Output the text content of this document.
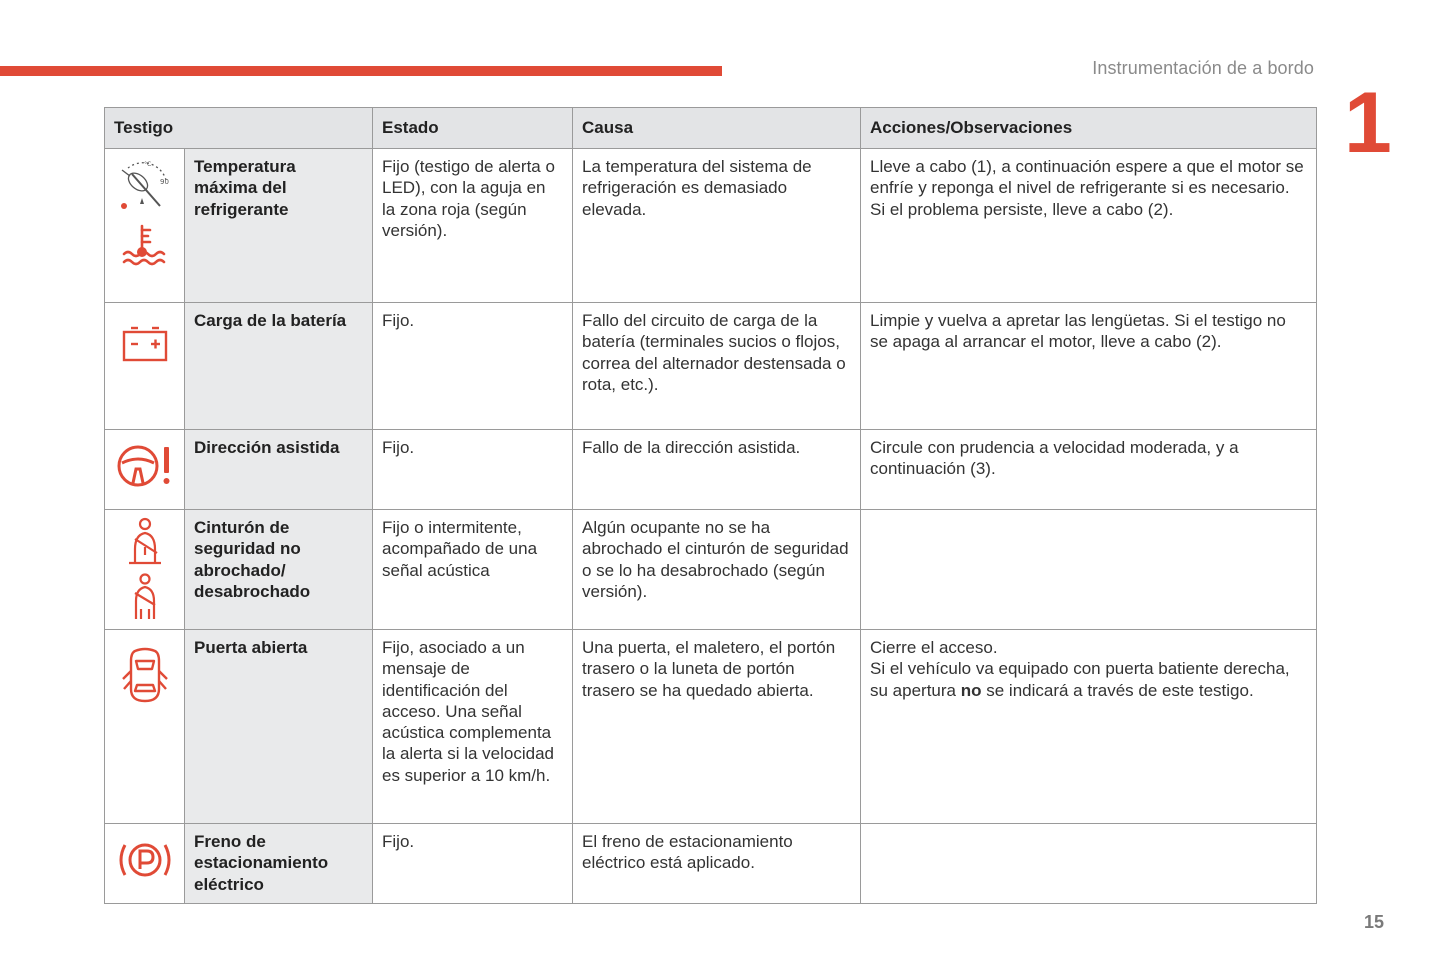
Instrumentación de a bordo
1
Testigo		Estado	Causa	Acciones/Observaciones

90
°C	Temperatura máxima del refrigerante	Fijo (testigo de alerta o LED), con la aguja en la zona roja (según versión).	La temperatura del sistema de refrigeración es demasiado elevada.	Lleve a cabo (1), a continuación espere a que el motor se enfríe y reponga el nivel de refrigerante si es necesario. Si el problema persiste, lleve a cabo (2).

	Carga de la batería	Fijo.	Fallo del circuito de carga de la batería (terminales sucios o flojos, correa del alternador destensada o rota, etc.).	Limpie y vuelva a apretar las lengüetas. Si el testigo no se apaga al arrancar el motor, lleve a cabo (2).

	Dirección asistida	Fijo.	Fallo de la dirección asistida.	Circule con prudencia a velocidad moderada, y a continuación (3).

	Cinturón de seguridad no abrochado/ desabrochado	Fijo o intermitente, acompañado de una señal acústica	Algún ocupante no se ha abrochado el cinturón de seguridad o se lo ha desabrochado (según versión).	

	Puerta abierta	Fijo, asociado a un mensaje de identificación del acceso. Una señal acústica complementa la alerta si la velocidad es superior a 10 km/h.	Una puerta, el maletero, el portón trasero o la luneta de portón trasero se ha quedado abierta.	Cierre el acceso.
Si el vehículo va equipado con puerta batiente derecha, su apertura no se indicará a través de este testigo.

	Freno de estacionamiento eléctrico	Fijo.	El freno de estacionamiento eléctrico está aplicado.	
15
